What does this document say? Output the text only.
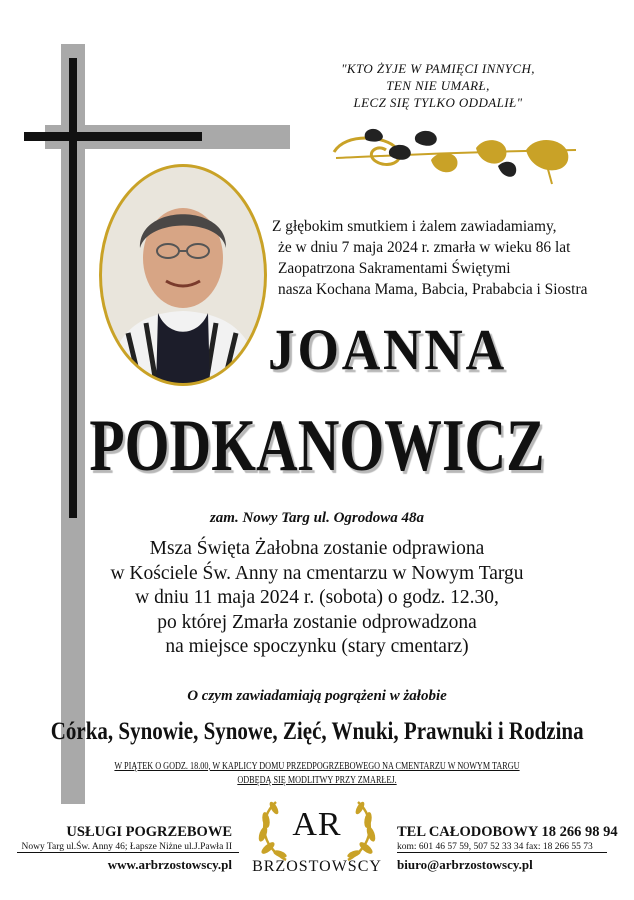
"KTO ŻYJE W PAMIĘCI INNYCH,
TEN NIE UMARŁ,
LECZ SIĘ TYLKO ODDALIŁ"
Z głębokim smutkiem i żalem zawiadamiamy,
że w dniu 7 maja 2024 r. zmarła w wieku 86 lat
Zaopatrzona Sakramentami Świętymi
nasza Kochana Mama, Babcia, Prababcia i Siostra
JOANNA
PODKANOWICZ
zam. Nowy Targ ul. Ogrodowa 48a
Msza Święta Żałobna zostanie odprawiona
w Kościele Św. Anny na cmentarzu w Nowym Targu
w dniu 11 maja 2024 r. (sobota) o godz. 12.30,
po której Zmarła zostanie odprowadzona
na miejsce spoczynku (stary cmentarz)
O czym zawiadamiają pogrążeni w żałobie
Córka, Synowie, Synowe, Zięć, Wnuki, Prawnuki i Rodzina
W PIĄTEK O GODZ. 18.00, W KAPLICY DOMU PRZEDPOGRZEBOWEGO NA CMENTARZU W NOWYM TARGU
ODBĘDĄ SIĘ MODLITWY PRZY ZMARŁEJ.
USŁUGI POGRZEBOWE
Nowy Targ ul.Św. Anny 46; Łapsze Niżne ul.J.Pawła II
www.arbrzostowscy.pl
AR
BRZOSTOWSCY
TEL CAŁODOBOWY 18 266 98 94
kom: 601 46 57 59, 507 52 33 34 fax: 18 266 55 73
biuro@arbrzostowscy.pl
